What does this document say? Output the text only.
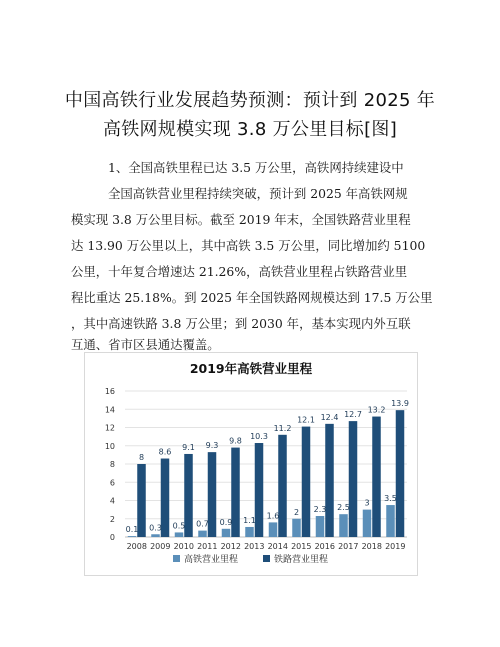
中国高铁行业发展趋势预测：预计到 2025 年
高铁网规模实现 3.8 万公里目标[图]
1、全国高铁里程已达 3.5 万公里，高铁网持续建设中
全国高铁营业里程持续突破，预计到 2025 年高铁网规
模实现 3.8 万公里目标。截至 2019 年末，全国铁路营业里程
达 13.90 万公里以上，其中高铁 3.5 万公里，同比增加约 5100
公里，十年复合增速达 21.26%，高铁营业里程占铁路营业里
程比重达 25.18%。到 2025 年全国铁路网规模达到 17.5 万公里
，其中高速铁路 3.8 万公里；到 2030 年，基本实现内外互联
互通、省市区县通达覆盖。
2019年高铁营业里程
0
2
4
6
8
10
12
14
16
0.1
8
2008
0.3
8.6
2009
0.5
9.1
2010
0.7
9.3
2011
0.9
9.8
2012
1.1
10.3
2013
1.6
11.2
2014
2
12.1
2015
2.3
12.4
2016
2.5
12.7
2017
3
13.2
2018
3.5
13.9
2019
高铁营业里程	铁路营业里程
